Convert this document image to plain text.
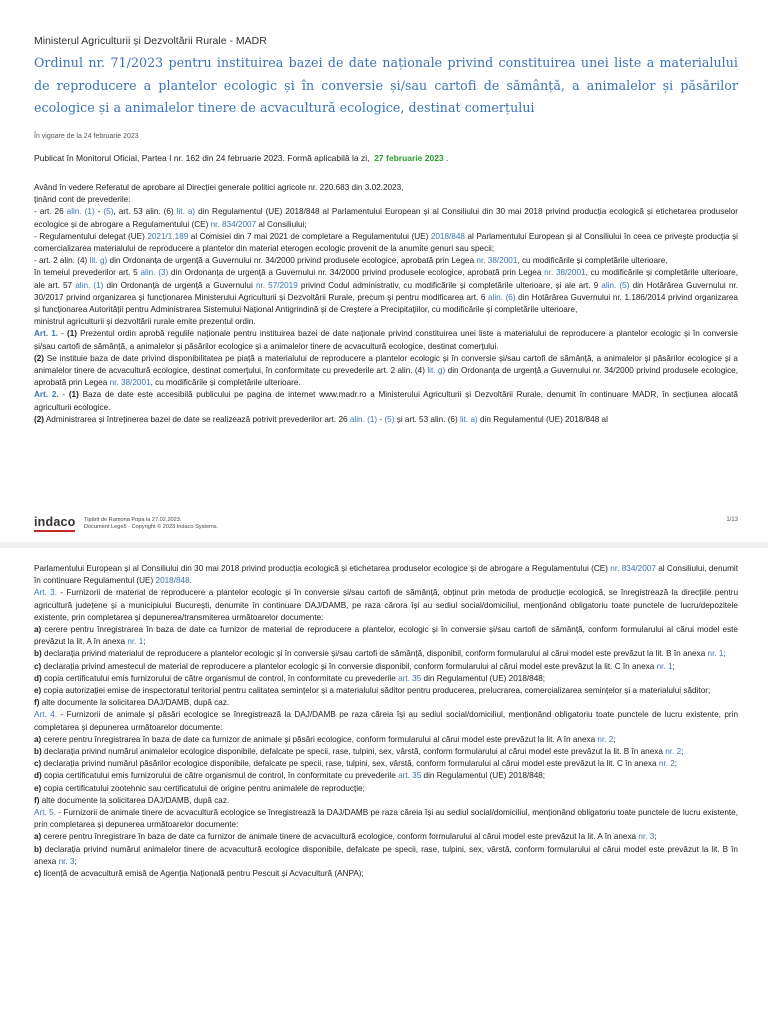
Ministerul Agriculturii și Dezvoltării Rurale - MADR
Ordinul nr. 71/2023 pentru instituirea bazei de date naționale privind constituirea unei liste a materialului de reproducere a plantelor ecologic și în conversie și/sau cartofi de sămânță, a animalelor și păsărilor ecologice și a animalelor tinere de acvacultură ecologice, destinat comerțului
În vigoare de la 24 februarie 2023
Publicat în Monitorul Oficial, Partea I nr. 162 din 24 februarie 2023. Formă aplicabilă la zi, 27 februarie 2023 .

Având în vedere Referatul de aprobare al Direcției generale politici agricole nr. 220.683 din 3.02.2023,

ținând cont de prevederile:

- art. 26 alin. (1) - (5), art. 53 alin. (6) lit. a) din Regulamentul (UE) 2018/848 al Parlamentului European și al Consiliului din 30 mai 2018 privind producția ecologică și etichetarea produselor ecologice și de abrogare a Regulamentului (CE) nr. 834/2007 al Consiliului;

- Regulamentului delegat (UE) 2021/1.189 al Comisiei din 7 mai 2021 de completare a Regulamentului (UE) 2018/848 al Parlamentului European și al Consiliului în ceea ce privește producția și comercializarea materialului de reproducere a plantelor din material eterogen ecologic provenit de la anumite genuri sau specii;

- art. 2 alin. (4) lit. g) din Ordonanța de urgență a Guvernului nr. 34/2000 privind produsele ecologice, aprobată prin Legea nr. 38/2001, cu modificările și completările ulterioare,

în temeiul prevederilor art. 5 alin. (3) din Ordonanța de urgență a Guvernului nr. 34/2000 privind produsele ecologice, aprobată prin Legea nr. 38/2001, cu modificările și completările ulterioare, ale art. 57 alin. (1) din Ordonanța de urgență a Guvernului nr. 57/2019 privind Codul administrativ, cu modificările și completările ulterioare, și ale art. 9 alin. (5) din Hotărârea Guvernului nr. 30/2017 privind organizarea și funcționarea Ministerului Agriculturii și Dezvoltării Rurale, precum și pentru modificarea art. 6 alin. (6) din Hotărârea Guvernului nr. 1.186/2014 privind organizarea și funcționarea Autorității pentru Administrarea Sistemului Național Antigrindină și de Creștere a Precipitațiilor, cu modificările și completările ulterioare,

ministrul agriculturii și dezvoltării rurale emite prezentul ordin.

Art. 1. - (1) Prezentul ordin aprobă regulile naționale pentru instituirea bazei de date naționale privind constituirea unei liste a materialului de reproducere a plantelor ecologic și în conversie și/sau cartofi de sămânță, a animalelor și păsărilor ecologice și a animalelor tinere de acvacultură ecologice, destinat comerțului.

(2) Se instituie baza de date privind disponibilitatea pe piață a materialului de reproducere a plantelor ecologic și în conversie și/sau cartofi de sămânță, a animalelor și păsărilor ecologice și a animalelor tinere de acvacultură ecologice, destinat comerțului, în conformitate cu prevederile art. 2 alin. (4) lit. g) din Ordonanța de urgență a Guvernului nr. 34/2000 privind produsele ecologice, aprobată prin Legea nr. 38/2001, cu modificările și completările ulterioare.

Art. 2. - (1) Baza de date este accesibilă publicului pe pagina de internet www.madr.ro a Ministerului Agriculturii și Dezvoltării Rurale, denumit în continuare MADR, în secțiunea alocată agriculturii ecologice.

(2) Administrarea și întreținerea bazei de date se realizează potrivit prevederilor art. 26 alin. (1) - (5) și art. 53 alin. (6) lit. a) din Regulamentul (UE) 2018/848 al

indaco Tipărit de Ramona Popa la 27.02.2023.
Document Lege5 - Copyright © 2023 Indaco Systems.
1/13

Parlamentului European și al Consiliului din 30 mai 2018 privind producția ecologică și etichetarea produselor ecologice și de abrogare a Regulamentului (CE) nr. 834/2007 al Consiliului, denumit în continuare Regulamentul (UE) 2018/848.

Art. 3. - Furnizorii de material de reproducere a plantelor ecologic și în conversie și/sau cartofi de sămânță, obținut prin metoda de producție ecologică, se înregistrează la direcțiile pentru agricultură județene și a municipiului București, denumite în continuare DAJ/DAMB, pe raza cărora își au sediul social/domiciliul, menționând obligatoriu toate punctele de lucru/depozitele existente, prin completarea și depunerea/transmiterea următoarelor documente:

a) cerere pentru înregistrarea în baza de date ca furnizor de material de reproducere a plantelor, ecologic și în conversie și/sau cartofi de sămânță, conform formularului al cărui model este prevăzut la lit. A în anexa nr. 1;

b) declarația privind materialul de reproducere a plantelor ecologic și în conversie și/sau cartofi de sămânță, disponibil, conform formularului al cărui model este prevăzut la lit. B în anexa nr. 1;

c) declarația privind amestecul de material de reproducere a plantelor ecologic și în conversie disponibil, conform formularului al cărui model este prevăzut la lit. C în anexa nr. 1;

d) copia certificatului emis furnizorului de către organismul de control, în conformitate cu prevederile art. 35 din Regulamentul (UE) 2018/848;

e) copia autorizației emise de inspectoratul teritorial pentru calitatea semințelor și a materialului săditor pentru producerea, prelucrarea, comercializarea semințelor și a materialului săditor;

f) alte documente la solicitarea DAJ/DAMB, după caz.

Art. 4. - Furnizorii de animale și păsări ecologice se înregistrează la DAJ/DAMB pe raza căreia își au sediul social/domiciliul, menționând obligatoriu toate punctele de lucru existente, prin completarea și depunerea următoarelor documente:

a) cerere pentru înregistrarea în baza de date ca furnizor de animale și păsări ecologice, conform formularului al cărui model este prevăzut la lit. A în anexa nr. 2;

b) declarația privind numărul animalelor ecologice disponibile, defalcate pe specii, rase, tulpini, sex, vârstă, conform formularului al cărui model este prevăzut la lit. B în anexa nr. 2;

c) declarația privind numărul păsărilor ecologice disponibile, defalcate pe specii, rase, tulpini, sex, vârstă, conform formularului al cărui model este prevăzut la lit. C în anexa nr. 2;

d) copia certificatului emis furnizorului de către organismul de control, în conformitate cu prevederile art. 35 din Regulamentul (UE) 2018/848;

e) copia certificatului zootehnic sau certificatului de origine pentru animalele de reproducție;

f) alte documente la solicitarea DAJ/DAMB, după caz.

Art. 5. - Furnizorii de animale tinere de acvacultură ecologice se înregistrează la DAJ/DAMB pe raza căreia își au sediul social/domiciliul, menționând obligatoriu toate punctele de lucru existente, prin completarea și depunerea următoarelor documente:

a) cerere pentru înregistrare în baza de date ca furnizor de animale tinere de acvacultură ecologice, conform formularului al cărui model este prevăzut la lit. A în anexa nr. 3;

b) declarația privind numărul animalelor tinere de acvacultură ecologice disponibile, defalcate pe specii, rase, tulpini, sex, vârstă, conform formularului al cărui model este prevăzut la lit. B în anexa nr. 3;

c) licență de acvacultură emisă de Agenția Națională pentru Pescuit și Acvacultură (ANPA);
